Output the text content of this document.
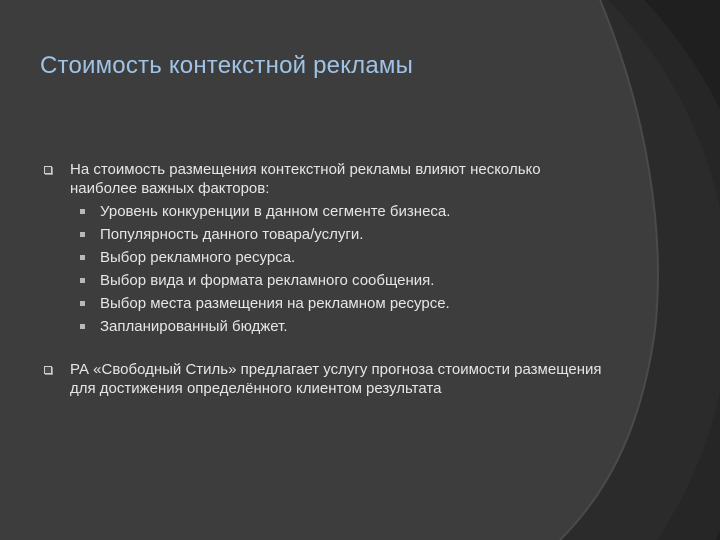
Стоимость контекстной рекламы
На стоимость размещения контекстной рекламы влияют несколько наиболее важных факторов:
Уровень конкуренции в данном сегменте бизнеса.
Популярность данного товара/услуги.
Выбор рекламного ресурса.
Выбор вида и формата рекламного сообщения.
Выбор места размещения на рекламном ресурсе.
Запланированный бюджет.
РА «Свободный Стиль» предлагает услугу прогноза стоимости размещения для достижения определённого клиентом результата
